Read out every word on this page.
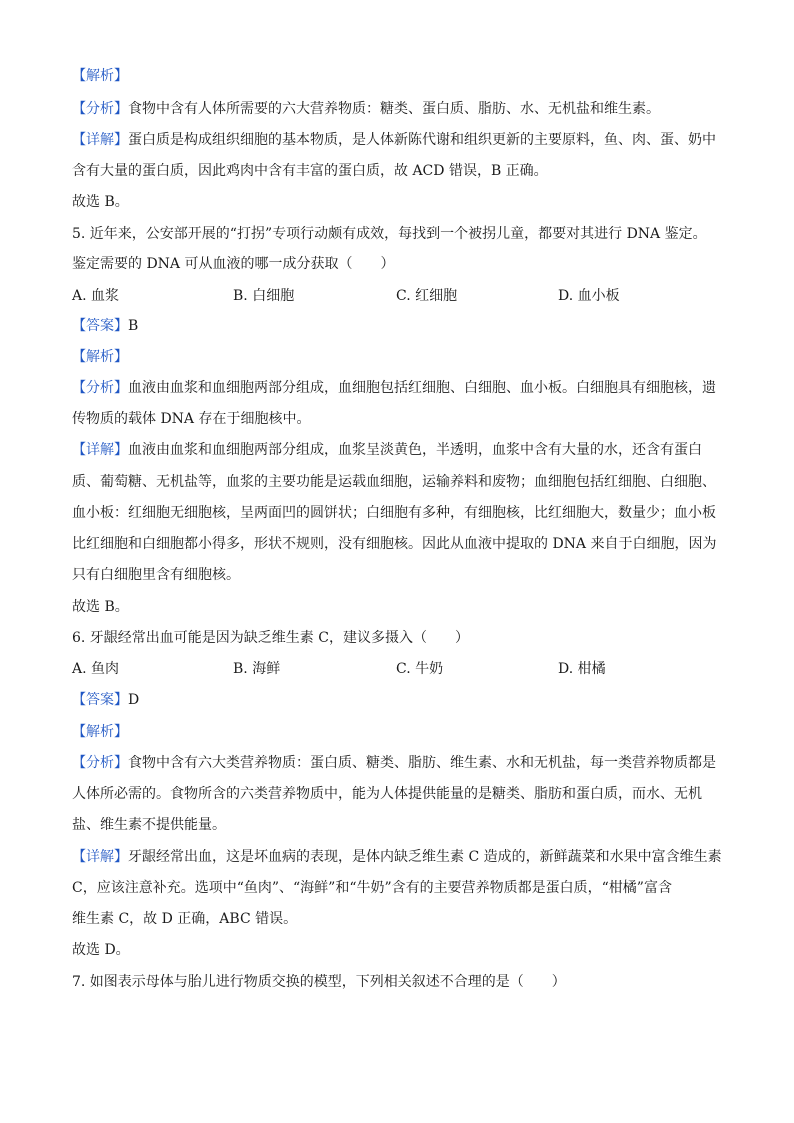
【解析】
【分析】食物中含有人体所需要的六大营养物质：糖类、蛋白质、脂肪、水、无机盐和维生素。
【详解】蛋白质是构成组织细胞的基本物质，是人体新陈代谢和组织更新的主要原料，鱼、肉、蛋、奶中
含有大量的蛋白质，因此鸡肉中含有丰富的蛋白质，故 ACD 错误，B 正确。
故选 B。
5. 近年来，公安部开展的“打拐”专项行动颇有成效，每找到一个被拐儿童，都要对其进行 DNA 鉴定。
鉴定需要的 DNA 可从血液的哪一成分获取（　　）
A. 血浆	B. 白细胞	C. 红细胞	D. 血小板
【答案】B
【解析】
【分析】血液由血浆和血细胞两部分组成，血细胞包括红细胞、白细胞、血小板。白细胞具有细胞核，遗
传物质的载体 DNA 存在于细胞核中。
【详解】血液由血浆和血细胞两部分组成，血浆呈淡黄色，半透明，血浆中含有大量的水，还含有蛋白
质、葡萄糖、无机盐等，血浆的主要功能是运载血细胞，运输养料和废物；血细胞包括红细胞、白细胞、
血小板：红细胞无细胞核，呈两面凹的圆饼状；白细胞有多种，有细胞核，比红细胞大，数量少；血小板
比红细胞和白细胞都小得多，形状不规则，没有细胞核。因此从血液中提取的 DNA 来自于白细胞，因为
只有白细胞里含有细胞核。
故选 B。
6. 牙龈经常出血可能是因为缺乏维生素 C，建议多摄入（　　）
A. 鱼肉	B. 海鲜	C. 牛奶	D. 柑橘
【答案】D
【解析】
【分析】食物中含有六大类营养物质：蛋白质、糖类、脂肪、维生素、水和无机盐，每一类营养物质都是
人体所必需的。食物所含的六类营养物质中，能为人体提供能量的是糖类、脂肪和蛋白质，而水、无机
盐、维生素不提供能量。
【详解】牙龈经常出血，这是坏血病的表现，是体内缺乏维生素 C 造成的，新鲜蔬菜和水果中富含维生素
C，应该注意补充。选项中“鱼肉”、“海鲜”和“牛奶”含有的主要营养物质都是蛋白质，“柑橘”富含
维生素 C，故 D 正确，ABC 错误。
故选 D。
7. 如图表示母体与胎儿进行物质交换的模型，下列相关叙述不合理的是（　　）
